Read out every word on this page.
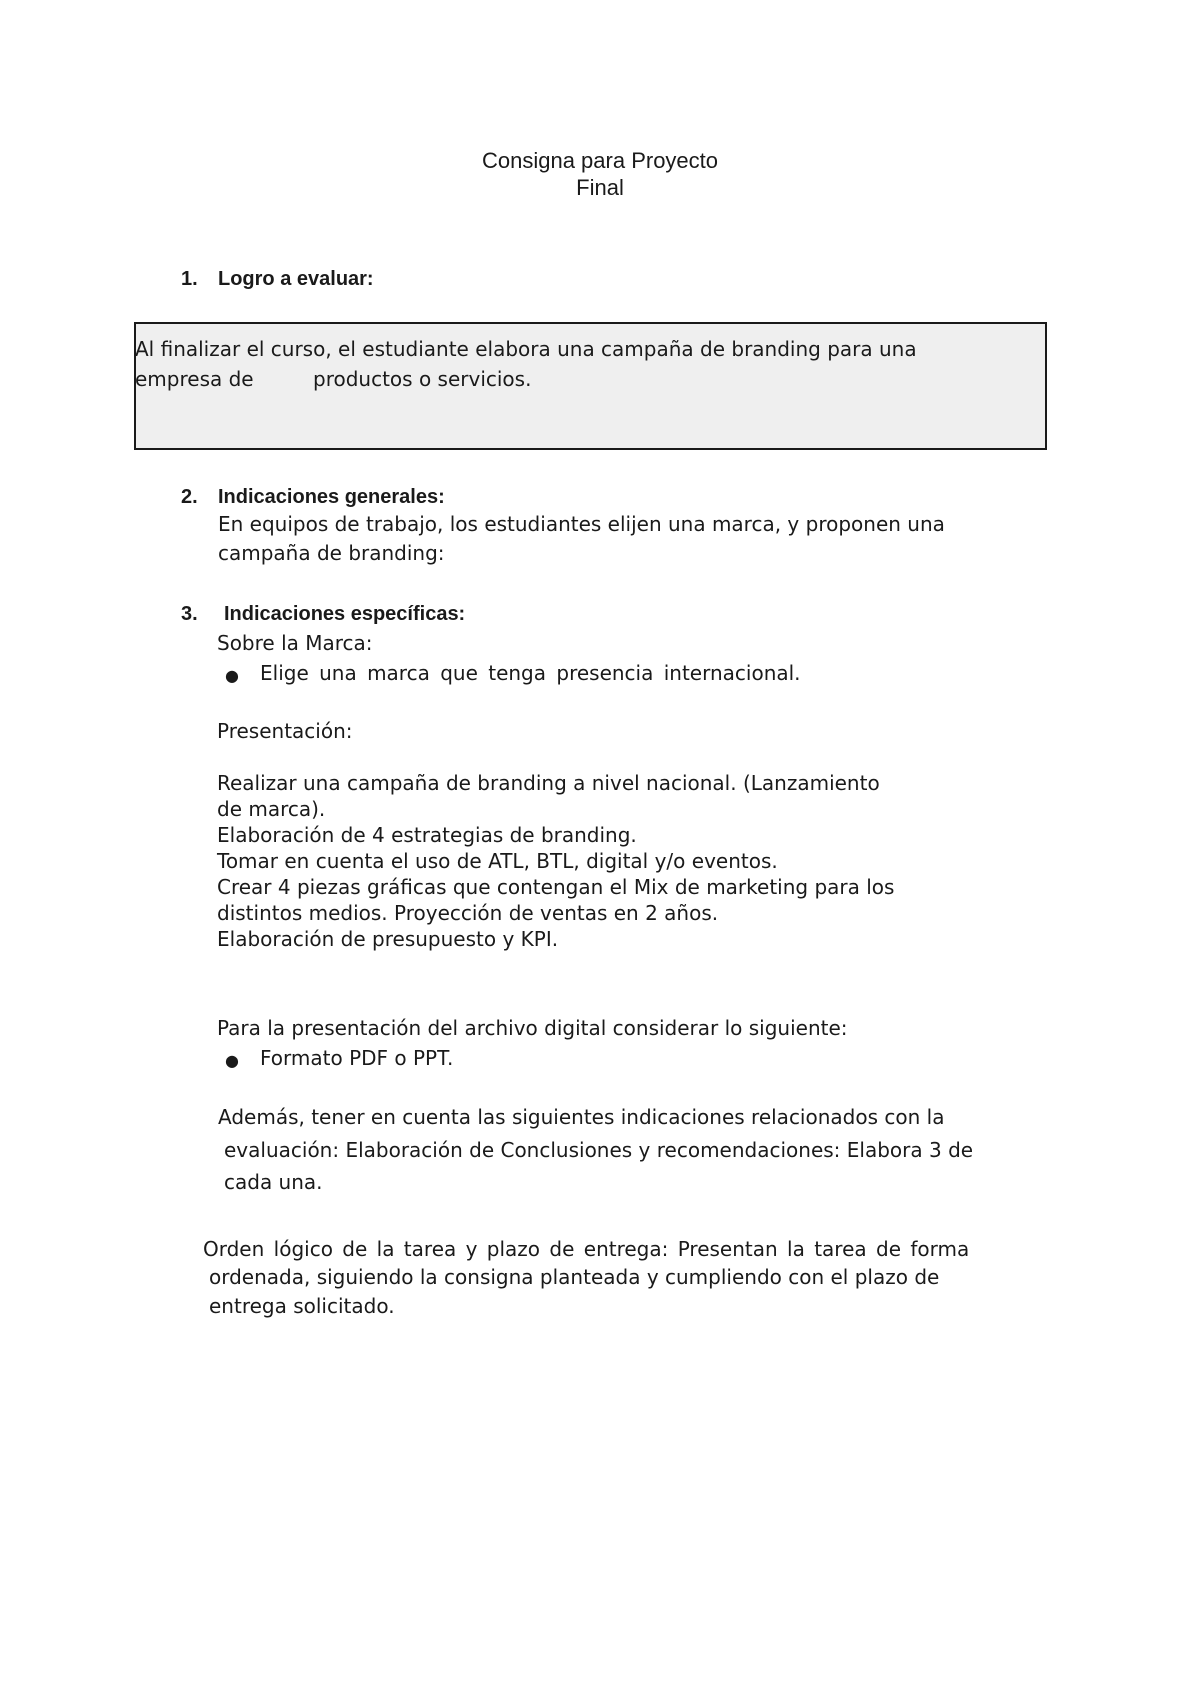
Consigna para Proyecto
Final
1. Logro a evaluar:
Al finalizar el curso, el estudiante elabora una campaña de branding para una
empresa de	productos o servicios.
2. Indicaciones generales:
En equipos de trabajo, los estudiantes elijen una marca, y proponen una
campaña de branding:
3. Indicaciones específicas:
Sobre la Marca:
● Elige una marca que tenga presencia internacional.
Presentación:
Realizar una campaña de branding a nivel nacional. (Lanzamiento
de marca).
Elaboración de 4 estrategias de branding.
Tomar en cuenta el uso de ATL, BTL, digital y/o eventos.
Crear 4 piezas gráficas que contengan el Mix de marketing para los
distintos medios. Proyección de ventas en 2 años.
Elaboración de presupuesto y KPI.
Para la presentación del archivo digital considerar lo siguiente:
● Formato PDF o PPT.
Además, tener en cuenta las siguientes indicaciones relacionados con la
evaluación: Elaboración de Conclusiones y recomendaciones: Elabora 3 de
cada una.
Orden lógico de la tarea y plazo de entrega: Presentan la tarea de forma
ordenada, siguiendo la consigna planteada y cumpliendo con el plazo de
entrega solicitado.
